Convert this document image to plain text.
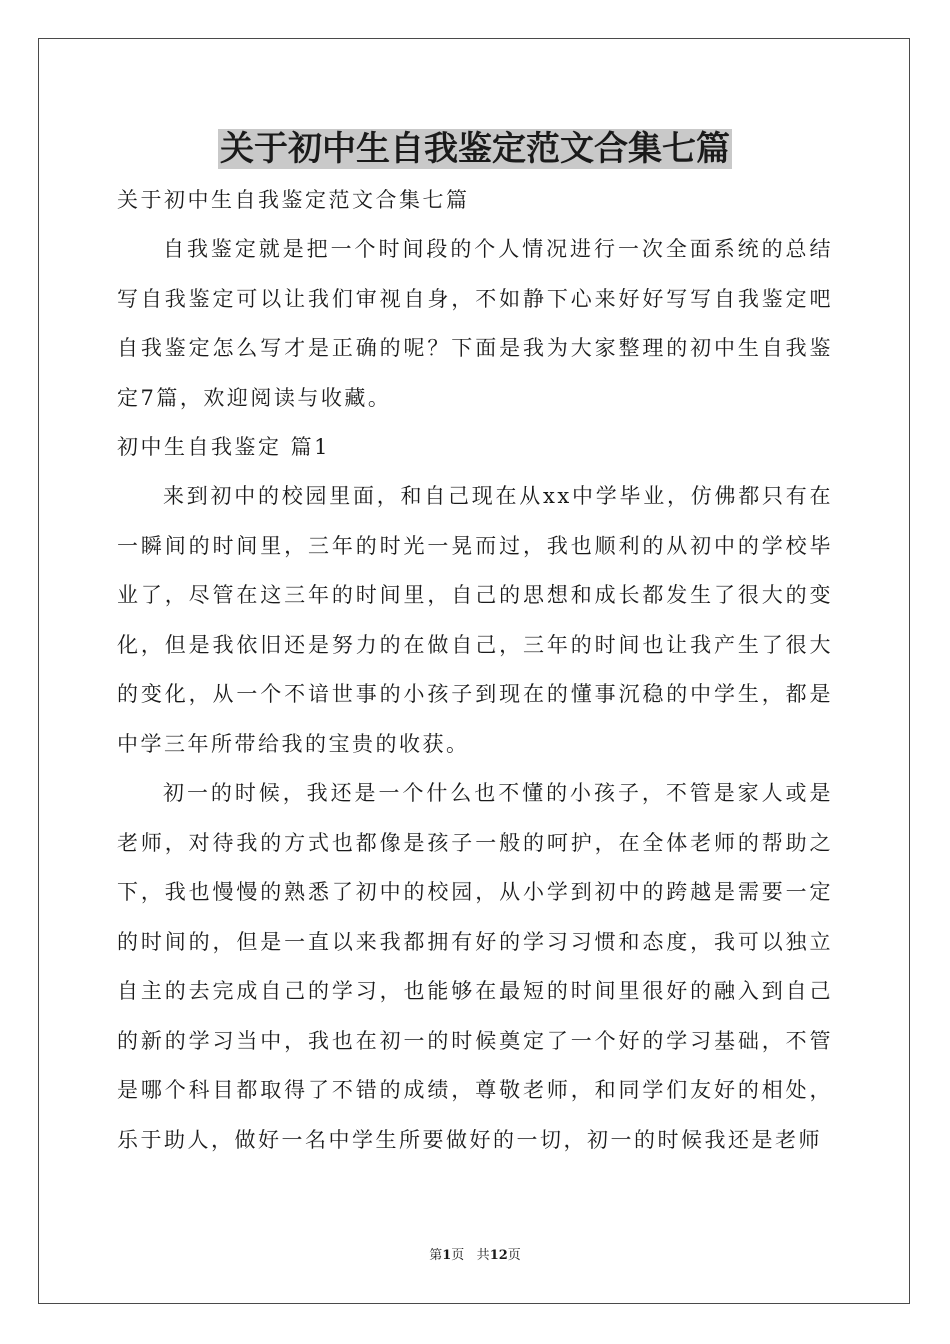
关于初中生自我鉴定范文合集七篇

关于初中生自我鉴定范文合集七篇

自我鉴定就是把一个时间段的个人情况进行一次全面系统的总结写自我鉴定可以让我们审视自身，不如静下心来好好写写自我鉴定吧自我鉴定怎么写才是正确的呢？下面是我为大家整理的初中生自我鉴定7篇，欢迎阅读与收藏。

初中生自我鉴定 篇1

来到初中的校园里面，和自己现在从xx中学毕业，仿佛都只有在一瞬间的时间里，三年的时光一晃而过，我也顺利的从初中的学校毕业了，尽管在这三年的时间里，自己的思想和成长都发生了很大的变化，但是我依旧还是努力的在做自己，三年的时间也让我产生了很大的变化，从一个不谙世事的小孩子到现在的懂事沉稳的中学生，都是中学三年所带给我的宝贵的收获。

初一的时候，我还是一个什么也不懂的小孩子，不管是家人或是老师，对待我的方式也都像是孩子一般的呵护，在全体老师的帮助之下，我也慢慢的熟悉了初中的校园，从小学到初中的跨越是需要一定的时间的，但是一直以来我都拥有好的学习习惯和态度，我可以独立自主的去完成自己的学习，也能够在最短的时间里很好的融入到自己的新的学习当中，我也在初一的时候奠定了一个好的学习基础，不管是哪个科目都取得了不错的成绩，尊敬老师，和同学们友好的相处，乐于助人，做好一名中学生所要做好的一切，初一的时候我还是老师

第1页 共12页
